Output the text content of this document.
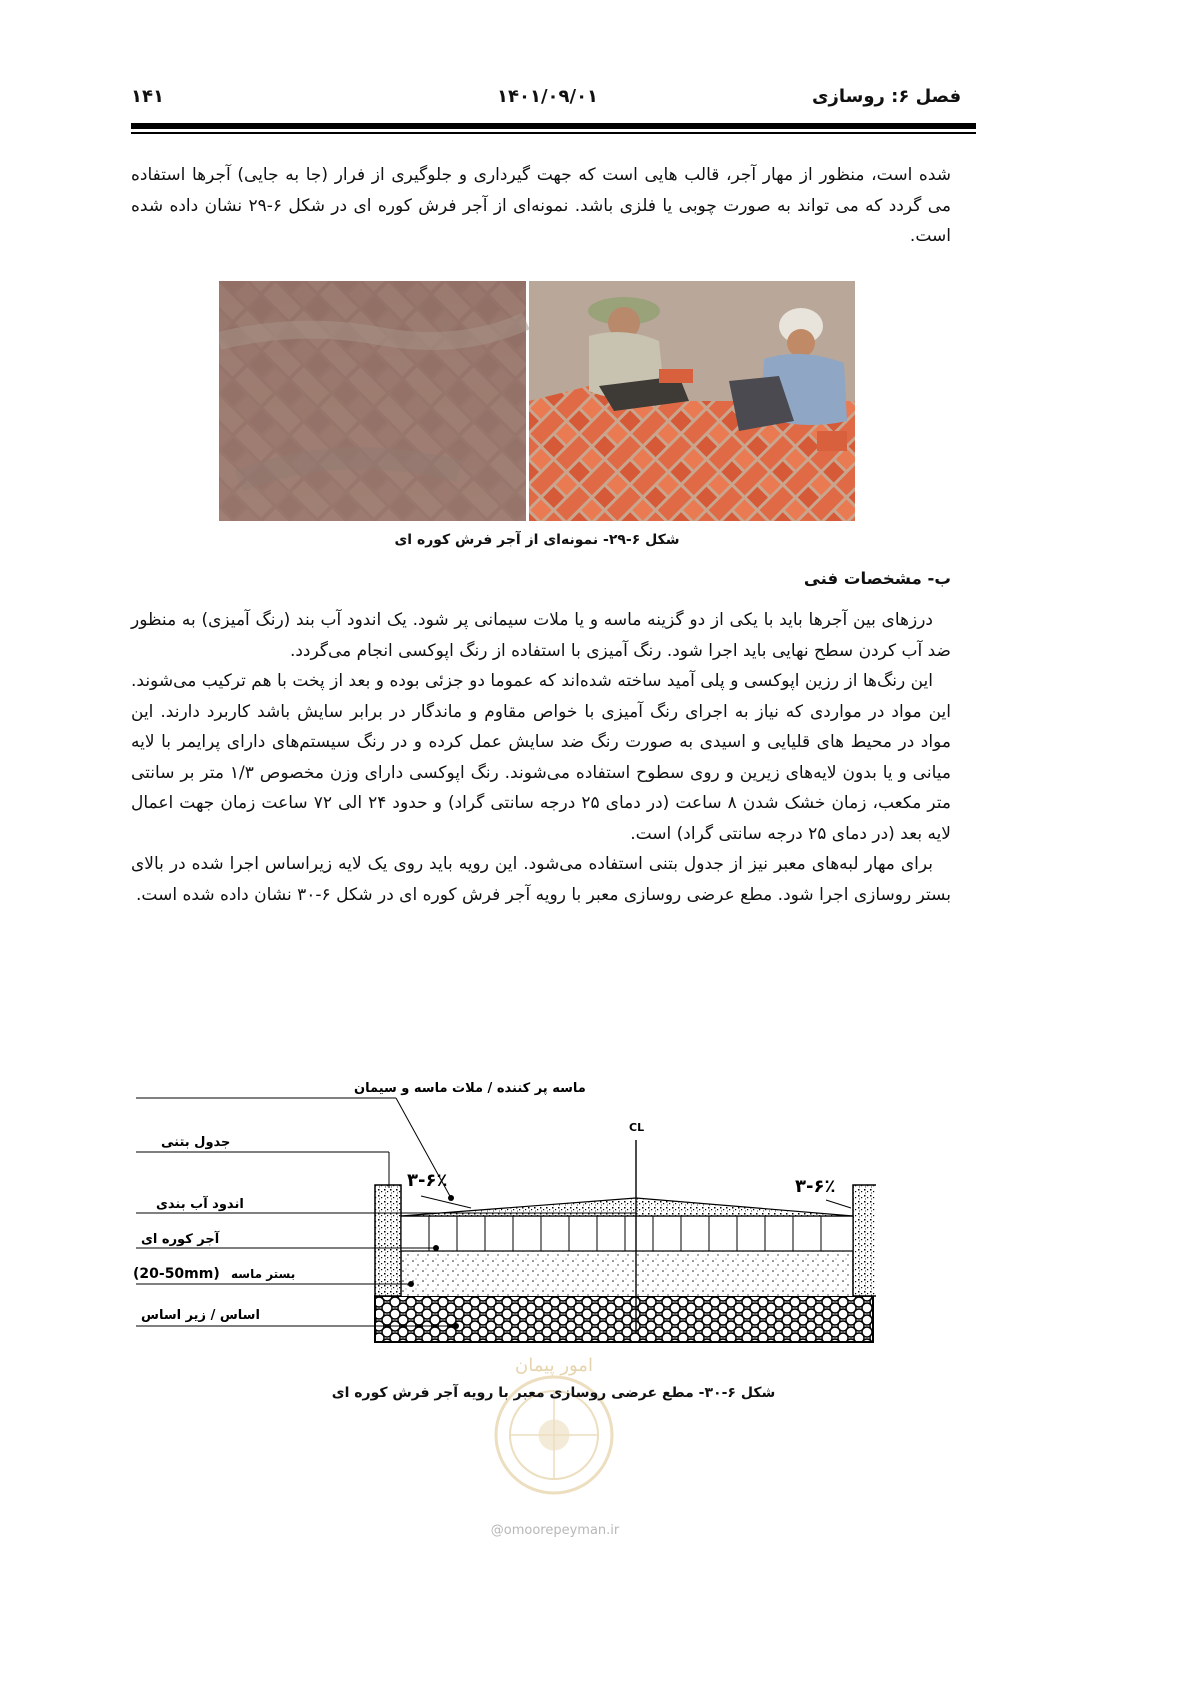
فصل ۶: روسازی
۱۴۰۱/۰۹/۰۱
۱۴۱

شده است، منظور از مهار آجر، قالب هایی است که جهت گیرداری و جلوگیری از فرار (جا به جایی) آجرها استفاده می گردد که می تواند به صورت چوبی یا فلزی باشد. نمونه‌ای از آجر فرش کوره ای در شکل ۶-۲۹ نشان داده شده است.

شکل ۶-۲۹- نمونه‌ای از آجر فرش کوره ای
ب- مشخصات فنی

درزهای بین آجرها باید با یکی از دو گزینه ماسه و یا ملات سیمانی پر شود. یک اندود آب بند (رنگ آمیزی) به منظور ضد آب کردن سطح نهایی باید اجرا شود. رنگ آمیزی با استفاده از رنگ اپوکسی انجام می‌گردد.

این رنگ‌ها از رزین اپوکسی و پلی آمید ساخته شده‌اند که عموما دو جزئی بوده و بعد از پخت با هم ترکیب می‌شوند. این مواد در مواردی که نیاز به اجرای رنگ آمیزی با خواص مقاوم و ماندگار در برابر سایش باشد کاربرد دارند. این مواد در محیط های قلیایی و اسیدی به صورت رنگ ضد سایش عمل کرده و در رنگ سیستم‌های دارای پرایمر با لایه میانی و یا بدون لایه‌های زیرین و روی سطوح استفاده می‌شوند. رنگ اپوکسی دارای وزن مخصوص ۱/۳ متر بر سانتی متر مکعب، زمان خشک شدن ۸ ساعت (در دمای ۲۵ درجه سانتی گراد) و حدود ۲۴ الی ۷۲ ساعت زمان جهت اعمال لایه بعد (در دمای ۲۵ درجه سانتی گراد) است.

برای مهار لبه‌های معبر نیز از جدول بتنی استفاده می‌شود. این رویه باید روی یک لایه زیراساس اجرا شده در بالای بستر روسازی اجرا شود. مطع عرضی روسازی معبر با رویه آجر فرش کوره ای در شکل ۶-۳۰ نشان داده شده است.

CL
۳-۶٪	۳-۶٪
ماسه پر کننده / ملات ماسه و سیمان
جدول بتنی
اندود آب بندی
آجر کوره ای
بستر ماسه
(20-50mm)
اساس / زیر اساس
امور پیمان
شکل ۶-۳۰- مطع عرضی روسازی معبر با رویه آجر فرش کوره ای
@omoorepeyman.ir
